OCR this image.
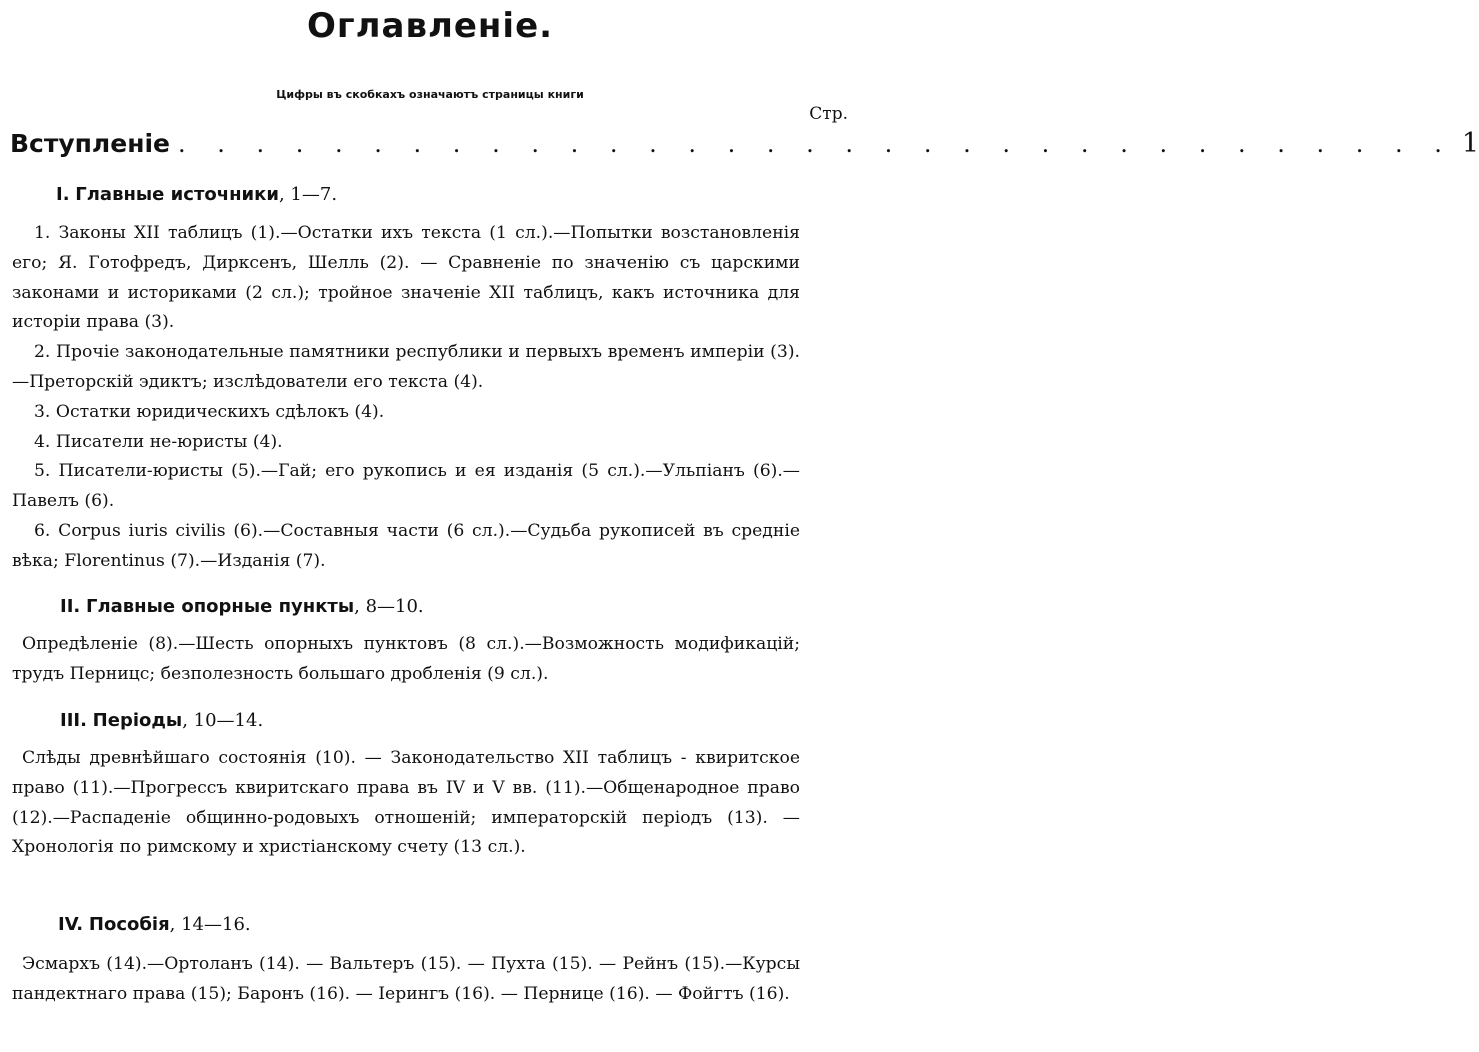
Оглавленіе.
Цифры въ скобкахъ означаютъ страницы книги
Стр.
Вступленіе . . . . . . . . . . . . . . . . . . . . . . . . . . . . . . . . . 1
I. Главные источники, 1—7.

1. Законы XII таблицъ (1).—Остатки ихъ текста (1 сл.).—Попытки возстановленія его; Я. Готофредъ, Дирксенъ, Шелль (2). — Сравненіе по значенію съ царскими законами и историками (2 сл.); тройное значеніе XII таблицъ, какъ источника для исторіи права (3).

2. Прочіе законодательные памятники республики и первыхъ временъ имперіи (3).—Преторскій эдиктъ; изслѣдователи его текста (4).

3. Остатки юридическихъ сдѣлокъ (4).

4. Писатели не-юристы (4).

5. Писатели-юристы (5).—Гай; его рукопись и ея изданія (5 сл.).—Ульпіанъ (6).—Павелъ (6).

6. Corpus iuris civilis (6).—Составныя части (6 сл.).—Судьба рукописей въ средніе вѣка; Florentinus (7).—Изданія (7).

II. Главные опорные пункты, 8—10.

Опредѣленіе (8).—Шесть опорныхъ пунктовъ (8 сл.).—Возможность модификацій; трудъ Перницс; безполезность большаго дробленія (9 сл.).

III. Періоды, 10—14.

Слѣды древнѣйшаго состоянія (10). — Законодательство XII таблицъ - квиритское право (11).—Прогрессъ квиритскаго права въ IV и V вв. (11).—Общенародное право (12).—Распаденіе общинно-родовыхъ отношеній; императорскій періодъ (13). — Хронологія по римскому и христіанскому счету (13 сл.).

IV. Пособія, 14—16.

Эсмархъ (14).—Ортоланъ (14). — Вальтеръ (15). — Пухта (15). — Рейнъ (15).—Курсы пандектнаго права (15); Баронъ (16). — Іерингъ (16). — Перницe (16). — Фойгтъ (16).
